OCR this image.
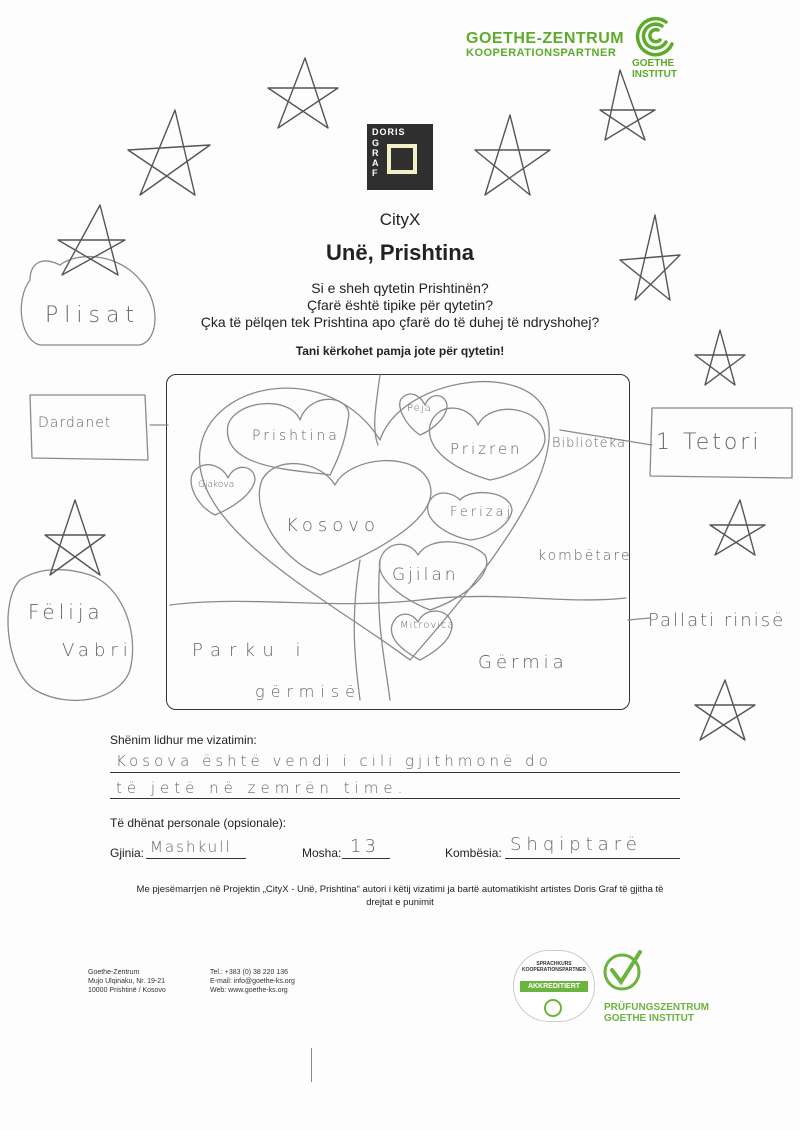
GOETHE-ZENTRUM
KOOPERATIONSPARTNER
GOETHE
INSTITUT
DORIS
G
R
A
F
CityX
Unë, Prishtina
Si e sheh qytetin Prishtinën?
Çfarë është tipike për qytetin?
Çka të pëlqen tek Prishtina apo çfarë do të duhej të ndryshohej?
Tani kërkohet pamja jote për qytetin!
Prishtina
Peja
Prizren
Gjakova
Kosovo
Ferizaj
Gjilan
Mitrovica
Parku i
gërmisë
Gërmia
Plisat
Dardanet
Fëlija
Vabri
Biblioteka
kombëtare
1 Tetori
Pallati rinisë
Shënim lidhur me vizatimin:
Kosova është vendi i cili gjithmonë do
të jetë në zemrën time.
Të dhënat personale (opsionale):
Gjinia: Mashkull	Mosha: 13	Kombësia: Shqiptarë
Me pjesëmarrjen në Projektin „CityX - Unë, Prishtina“ autori i këtij vizatimi ja bartë automatikisht artistes Doris Graf të gjitha të
drejtat e punimit
Goethe-Zentrum
Mujo Ulqinaku, Nr. 19-21
10000 Prishtinë / Kosovo
Tel.: +383 (0) 38 220 136
E-mail: info@goethe-ks.org
Web: www.goethe-ks.org
SPRACHKURS KOOPERATIONSPARTNER
AKKREDITIERT
PRÜFUNGSZENTRUM
GOETHE INSTITUT
